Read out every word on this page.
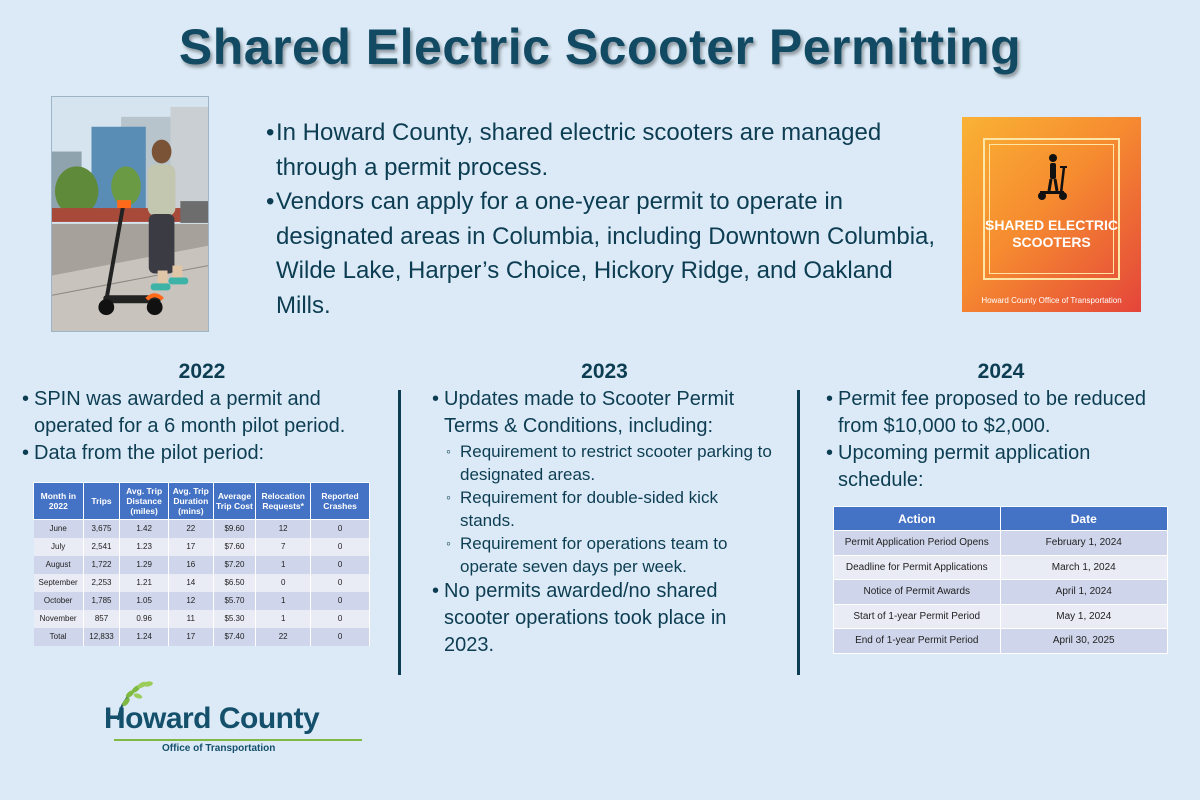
Shared Electric Scooter Permitting
• In Howard County, shared electric scooters are managed through a permit process.
• Vendors can apply for a one-year permit to operate in designated areas in Columbia, including Downtown Columbia, Wilde Lake, Harper’s Choice, Hickory Ridge, and Oakland Mills.
SHARED ELECTRIC SCOOTERS
Howard County Office of Transportation
2022
• SPIN was awarded a permit and operated for a 6 month pilot period.
• Data from the pilot period:
Month in 2022	Trips	Avg. Trip Distance (miles)	Avg. Trip Duration (mins)	Average Trip Cost	Relocation Requests*	Reported Crashes
June	3,675	1.42	22	$9.60	12	0
July	2,541	1.23	17	$7.60	7	0
August	1,722	1.29	16	$7.20	1	0
September	2,253	1.21	14	$6.50	0	0
October	1,785	1.05	12	$5.70	1	0
November	857	0.96	11	$5.30	1	0
Total	12,833	1.24	17	$7.40	22	0
2023
• Updates made to Scooter Permit Terms & Conditions, including:
◦ Requirement to restrict scooter parking to designated areas.
◦ Requirement for double-sided kick stands.
◦ Requirement for operations team to operate seven days per week.
• No permits awarded/no shared scooter operations took place in 2023.
2024
• Permit fee proposed to be reduced from $10,000 to $2,000.
• Upcoming permit application schedule:
Action	Date
Permit Application Period Opens	February 1, 2024
Deadline for Permit Applications	March 1, 2024
Notice of Permit Awards	April 1, 2024
Start of 1-year Permit Period	May 1, 2024
End of 1-year Permit Period	April 30, 2025
Howard County
Office of Transportation
